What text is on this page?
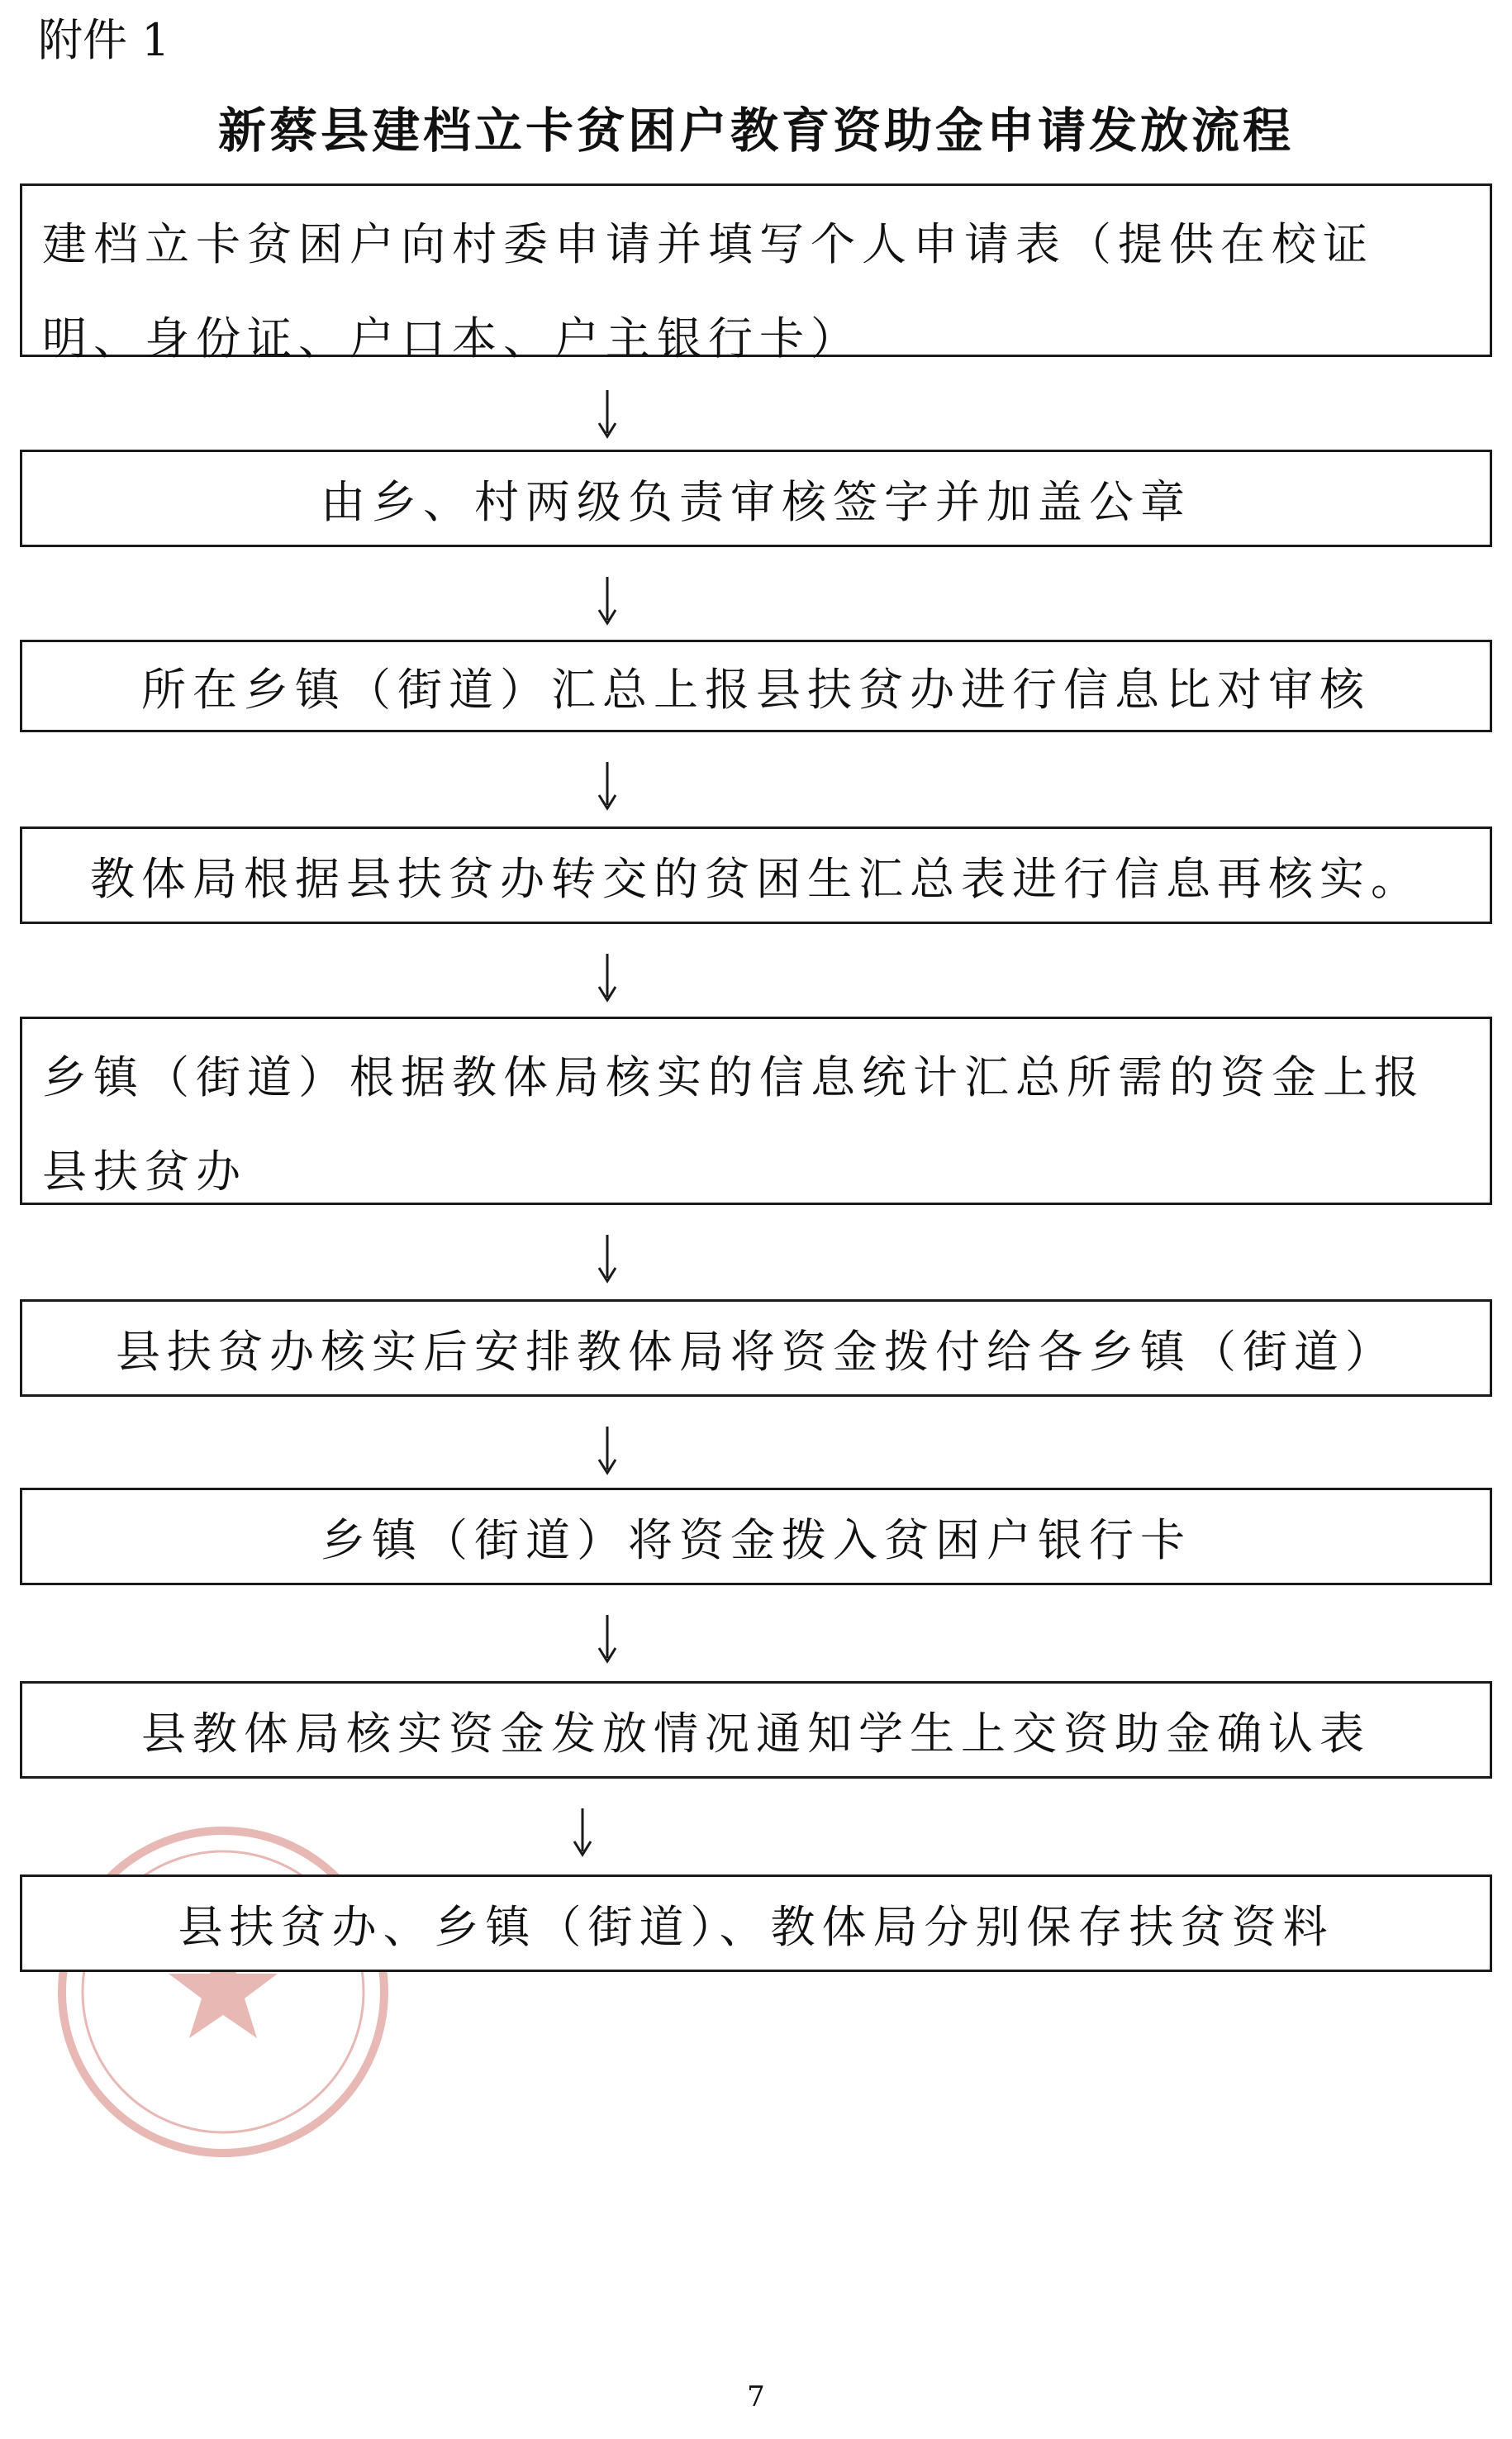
附件 1
新蔡县建档立卡贫困户教育资助金申请发放流程
建档立卡贫困户向村委申请并填写个人申请表（提供在校证明、身份证、户口本、户主银行卡）
由乡、村两级负责审核签字并加盖公章
所在乡镇（街道）汇总上报县扶贫办进行信息比对审核
教体局根据县扶贫办转交的贫困生汇总表进行信息再核实。
乡镇（街道）根据教体局核实的信息统计汇总所需的资金上报县扶贫办
县扶贫办核实后安排教体局将资金拨付给各乡镇（街道）
乡镇（街道）将资金拨入贫困户银行卡
县教体局核实资金发放情况通知学生上交资助金确认表
县扶贫办、乡镇（街道）、教体局分别保存扶贫资料
7
